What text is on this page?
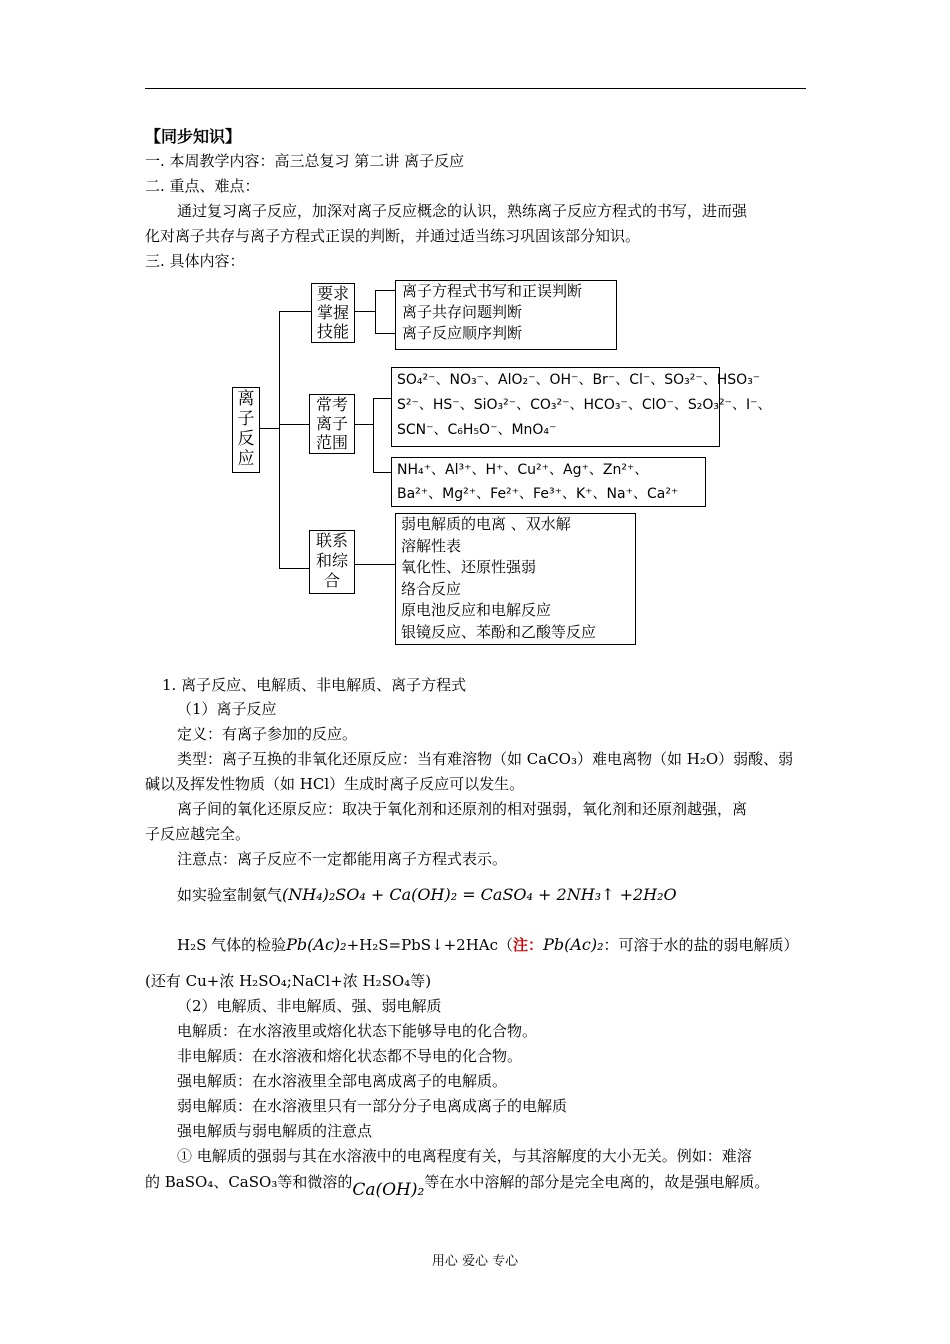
【同步知识】
一. 本周教学内容：高三总复习 第二讲 离子反应
二. 重点、难点：
通过复习离子反应，加深对离子反应概念的认识，熟练离子反应方程式的书写，进而强
化对离子共存与离子方程式正误的判断，并通过适当练习巩固该部分知识。
三. 具体内容：
离子反应
要求掌握技能
离子方程式书写和正误判断
离子共存问题判断
离子反应顺序判断
常考离子范围
SO₄²⁻、NO₃⁻、AlO₂⁻、OH⁻、Br⁻、Cl⁻、SO₃²⁻、HSO₃⁻
S²⁻、HS⁻、SiO₃²⁻、CO₃²⁻、HCO₃⁻、ClO⁻、S₂O₃²⁻、I⁻、
SCN⁻、C₆H₅O⁻、MnO₄⁻
NH₄⁺、Al³⁺、H⁺、Cu²⁺、Ag⁺、Zn²⁺、
Ba²⁺、Mg²⁺、Fe²⁺、Fe³⁺、K⁺、Na⁺、Ca²⁺
联系和综合
弱电解质的电离 、双水解
溶解性表
氧化性、还原性强弱
络合反应
原电池反应和电解反应
银镜反应、苯酚和乙酸等反应
1. 离子反应、电解质、非电解质、离子方程式
（1）离子反应
定义：有离子参加的反应。
类型：离子互换的非氧化还原反应：当有难溶物（如 CaCO₃）难电离物（如 H₂O）弱酸、弱
碱以及挥发性物质（如 HCl）生成时离子反应可以发生。
离子间的氧化还原反应：取决于氧化剂和还原剂的相对强弱，氧化剂和还原剂越强，离
子反应越完全。
注意点：离子反应不一定都能用离子方程式表示。
如实验室制氨气(NH₄)₂SO₄ + Ca(OH)₂ = CaSO₄ + 2NH₃↑ +2H₂O
H₂S 气体的检验Pb(Ac)₂+H₂S=PbS↓+2HAc（注：Pb(Ac)₂：可溶于水的盐的弱电解质）
(还有 Cu+浓 H₂SO₄;NaCl+浓 H₂SO₄等)
（2）电解质、非电解质、强、弱电解质
电解质：在水溶液里或熔化状态下能够导电的化合物。
非电解质：在水溶液和熔化状态都不导电的化合物。
强电解质：在水溶液里全部电离成离子的电解质。
弱电解质：在水溶液里只有一部分分子电离成离子的电解质
强电解质与弱电解质的注意点
① 电解质的强弱与其在水溶液中的电离程度有关，与其溶解度的大小无关。例如：难溶
的 BaSO₄、CaSO₃等和微溶的Ca(OH)₂等在水中溶解的部分是完全电离的，故是强电解质。
用心 爱心 专心
